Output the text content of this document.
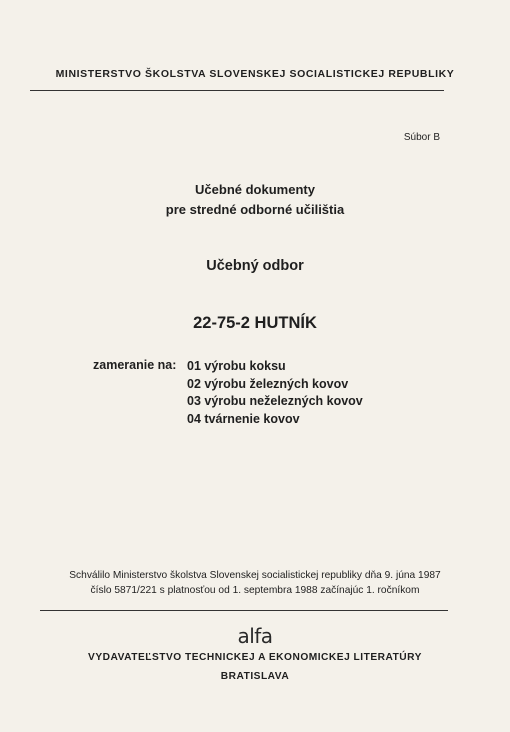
MINISTERSTVO ŠKOLSTVA SLOVENSKEJ SOCIALISTICKEJ REPUBLIKY
Súbor B
Učebné dokumenty
pre stredné odborné učilištia
Učebný odbor
22-75-2 HUTNÍK
zameranie na: 01 výrobu koksu
02 výrobu železných kovov
03 výrobu neželezných kovov
04 tvárnenie kovov
Schválilo Ministerstvo školstva Slovenskej socialistickej republiky dňa 9. júna 1987
číslo 5871/221 s platnosťou od 1. septembra 1988 začínajúc 1. ročníkom
alfa
VYDAVATEĽSTVO TECHNICKEJ A EKONOMICKEJ LITERATÚRY
BRATISLAVA
